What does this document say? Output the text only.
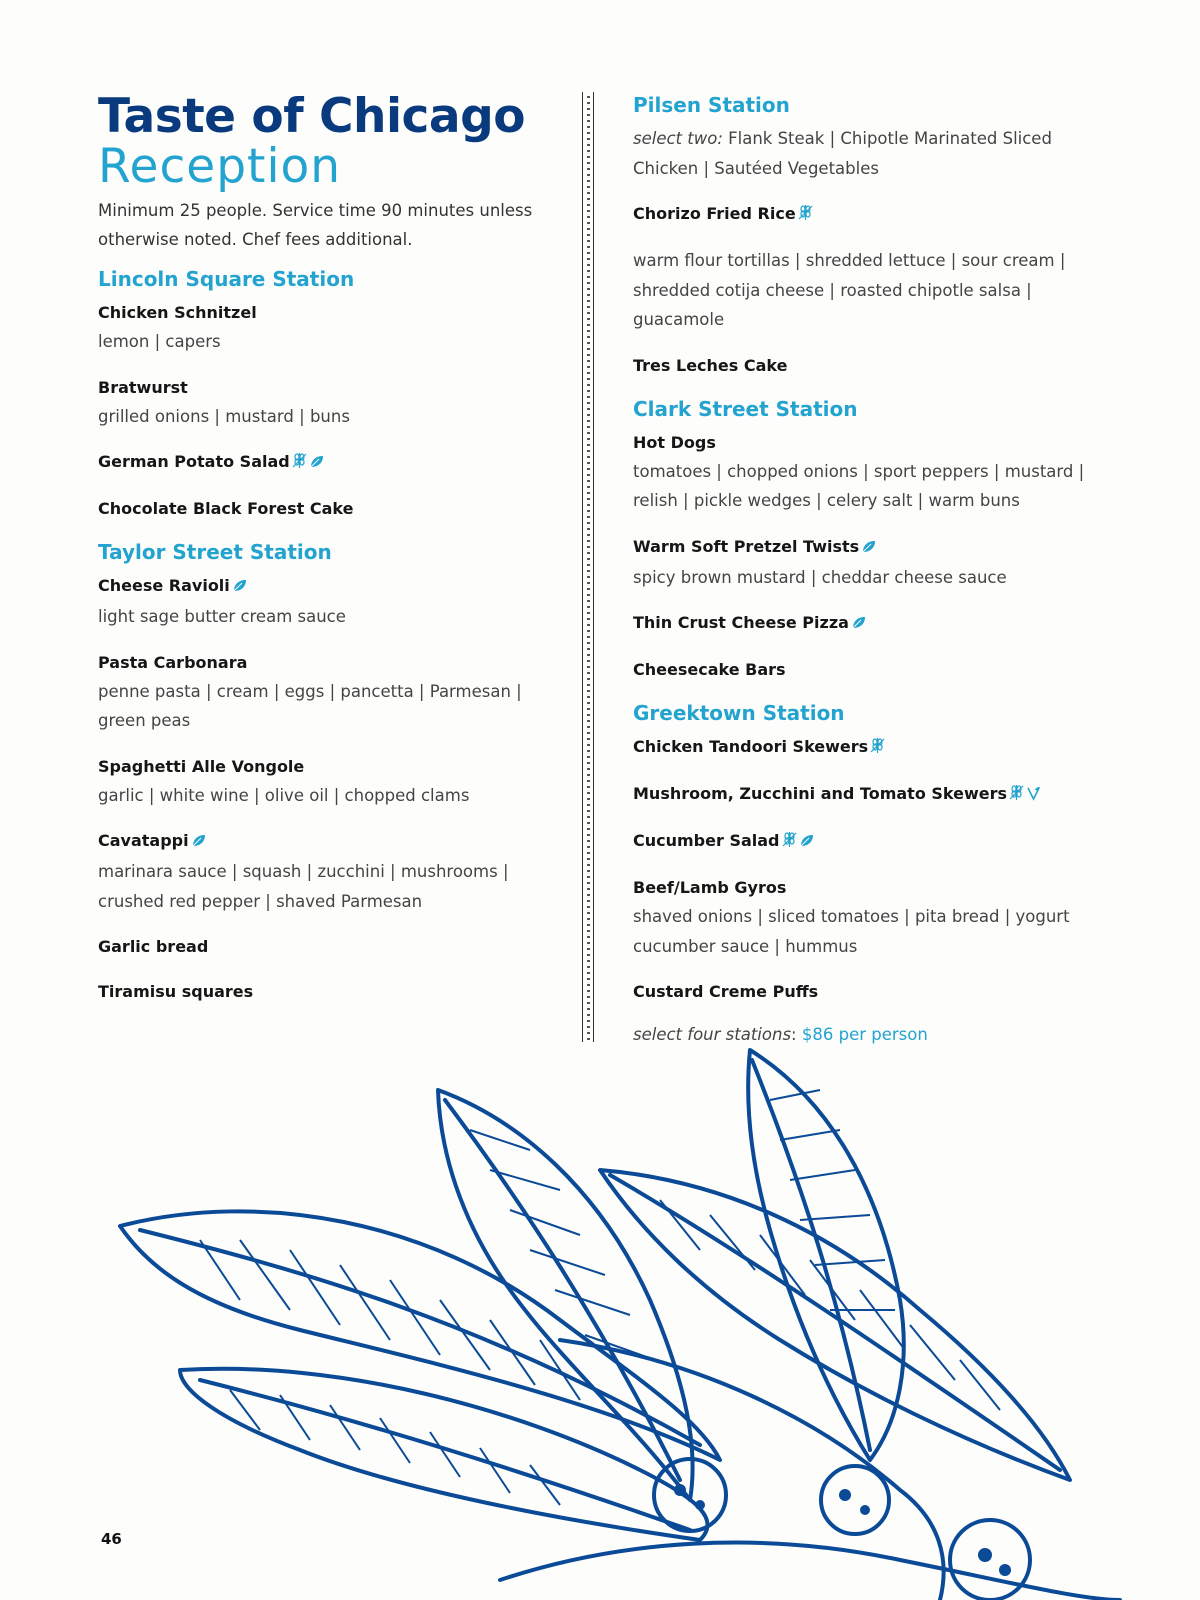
Taste of Chicago
Reception

Minimum 25 people. Service time 90 minutes unless otherwise noted. Chef fees additional.

Lincoln Square Station
Chicken Schnitzel
lemon | capers
Bratwurst
grilled onions | mustard | buns
German Potato Salad
Chocolate Black Forest Cake
Taylor Street Station
Cheese Ravioli
light sage butter cream sauce
Pasta Carbonara
penne pasta | cream | eggs | pancetta | Parmesan | green peas
Spaghetti Alle Vongole
garlic | white wine | olive oil | chopped clams
Cavatappi
marinara sauce | squash | zucchini | mushrooms | crushed red pepper | shaved Parmesan
Garlic bread
Tiramisu squares
Pilsen Station
select two: Flank Steak | Chipotle Marinated Sliced Chicken | Sautéed Vegetables
Chorizo Fried Rice
warm flour tortillas | shredded lettuce | sour cream | shredded cotija cheese | roasted chipotle salsa | guacamole
Tres Leches Cake
Clark Street Station
Hot Dogs
tomatoes | chopped onions | sport peppers | mustard | relish | pickle wedges | celery salt | warm buns
Warm Soft Pretzel Twists
spicy brown mustard | cheddar cheese sauce
Thin Crust Cheese Pizza
Cheesecake Bars
Greektown Station
Chicken Tandoori Skewers
Mushroom, Zucchini and Tomato Skewers
Cucumber Salad
Beef/Lamb Gyros
shaved onions | sliced tomatoes | pita bread | yogurt cucumber sauce | hummus
Custard Creme Puffs
select four stations: $86 per person
46
